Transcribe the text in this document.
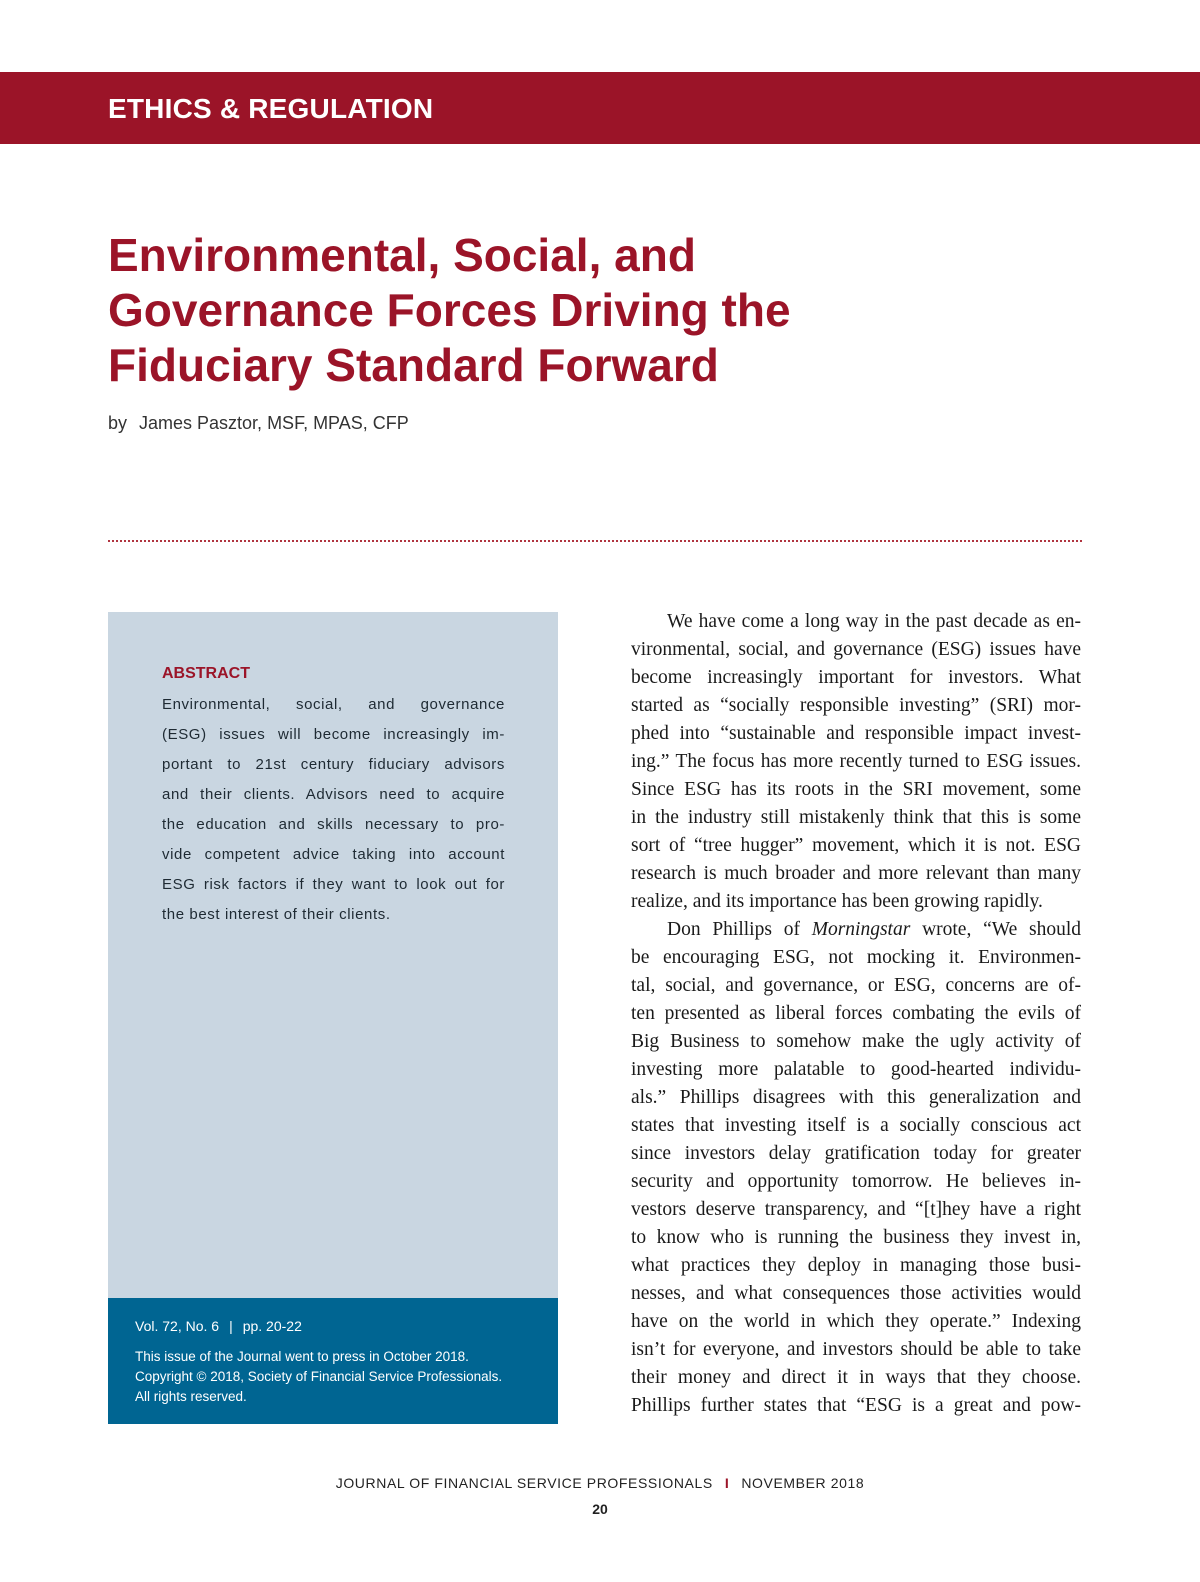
ETHICS & REGULATION
Environmental, Social, and
Governance Forces Driving the
Fiduciary Standard Forward
by James Pasztor, MSF, MPAS, CFP
ABSTRACT
Environmental, social, and governance
(ESG) issues will become increasingly im-
portant to 21st century fiduciary advisors
and their clients. Advisors need to acquire
the education and skills necessary to pro-
vide competent advice taking into account
ESG risk factors if they want to look out for
the best interest of their clients.
Vol. 72, No. 6 | pp. 20-22
This issue of the Journal went to press in October 2018.
Copyright © 2018, Society of Financial Service Professionals.
All rights reserved.
We have come a long way in the past decade as en-
vironmental, social, and governance (ESG) issues have
become increasingly important for investors. What
started as “socially responsible investing” (SRI) mor-
phed into “sustainable and responsible impact invest-
ing.” The focus has more recently turned to ESG issues.
Since ESG has its roots in the SRI movement, some
in the industry still mistakenly think that this is some
sort of “tree hugger” movement, which it is not. ESG
research is much broader and more relevant than many
realize, and its importance has been growing rapidly.
Don Phillips of Morningstar wrote, “We should
be encouraging ESG, not mocking it. Environmen-
tal, social, and governance, or ESG, concerns are of-
ten presented as liberal forces combating the evils of
Big Business to somehow make the ugly activity of
investing more palatable to good-hearted individu-
als.” Phillips disagrees with this generalization and
states that investing itself is a socially conscious act
since investors delay gratification today for greater
security and opportunity tomorrow. He believes in-
vestors deserve transparency, and “[t]hey have a right
to know who is running the business they invest in,
what practices they deploy in managing those busi-
nesses, and what consequences those activities would
have on the world in which they operate.” Indexing
isn’t for everyone, and investors should be able to take
their money and direct it in ways that they choose.
Phillips further states that “ESG is a great and pow-
JOURNAL OF FINANCIAL SERVICE PROFESSIONALS I NOVEMBER 2018
20
